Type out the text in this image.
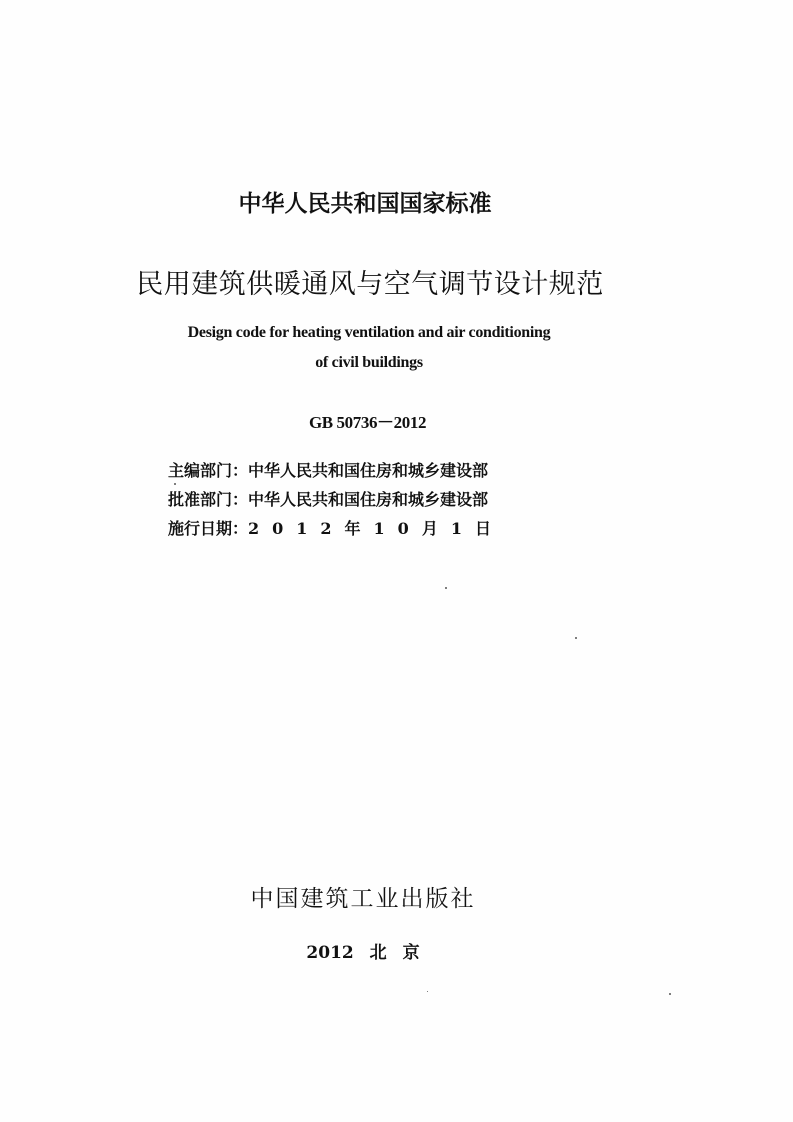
中华人民共和国国家标准
民用建筑供暖通风与空气调节设计规范
Design code for heating ventilation and air conditioning
of civil buildings
GB 50736－2012
主编部门：中华人民共和国住房和城乡建设部
批准部门：中华人民共和国住房和城乡建设部
施行日期：2012年10月1日
中国建筑工业出版社
2012 北 京
